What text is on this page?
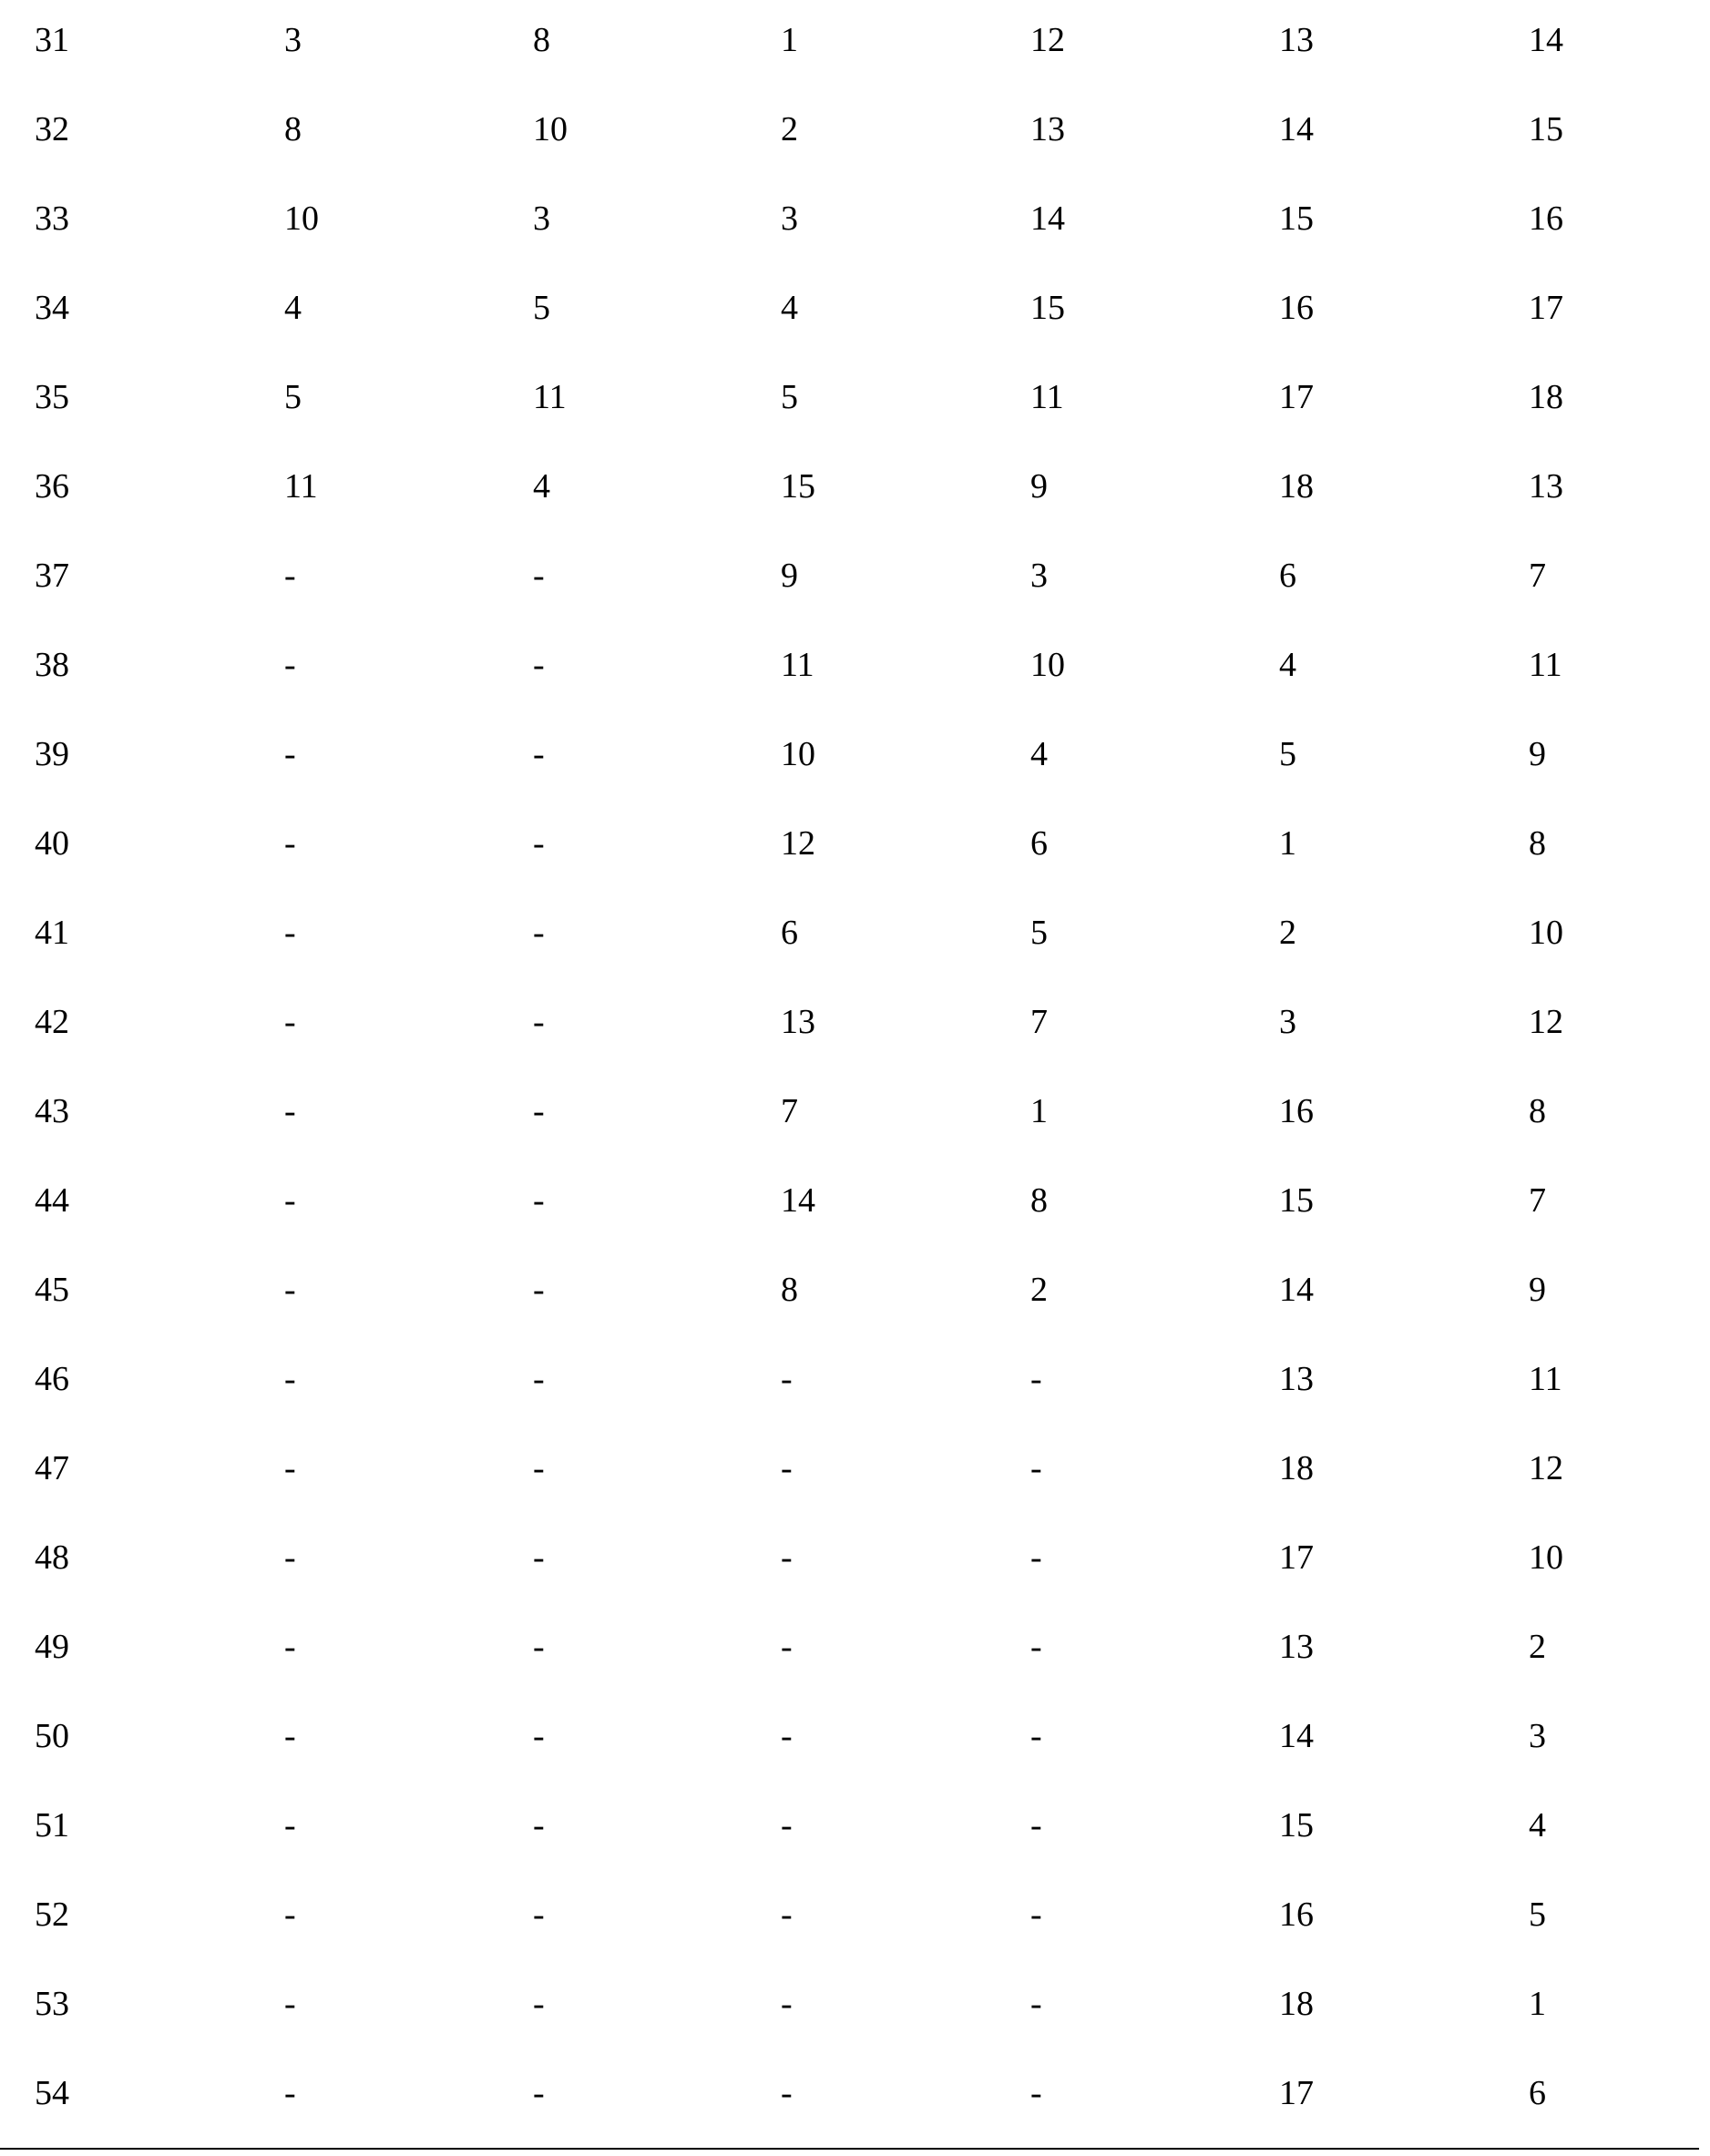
31	3	8	1	12	13	14
32	8	10	2	13	14	15
33	10	3	3	14	15	16
34	4	5	4	15	16	17
35	5	11	5	11	17	18
36	11	4	15	9	18	13
37	-	-	9	3	6	7
38	-	-	11	10	4	11
39	-	-	10	4	5	9
40	-	-	12	6	1	8
41	-	-	6	5	2	10
42	-	-	13	7	3	12
43	-	-	7	1	16	8
44	-	-	14	8	15	7
45	-	-	8	2	14	9
46	-	-	-	-	13	11
47	-	-	-	-	18	12
48	-	-	-	-	17	10
49	-	-	-	-	13	2
50	-	-	-	-	14	3
51	-	-	-	-	15	4
52	-	-	-	-	16	5
53	-	-	-	-	18	1
54	-	-	-	-	17	6
